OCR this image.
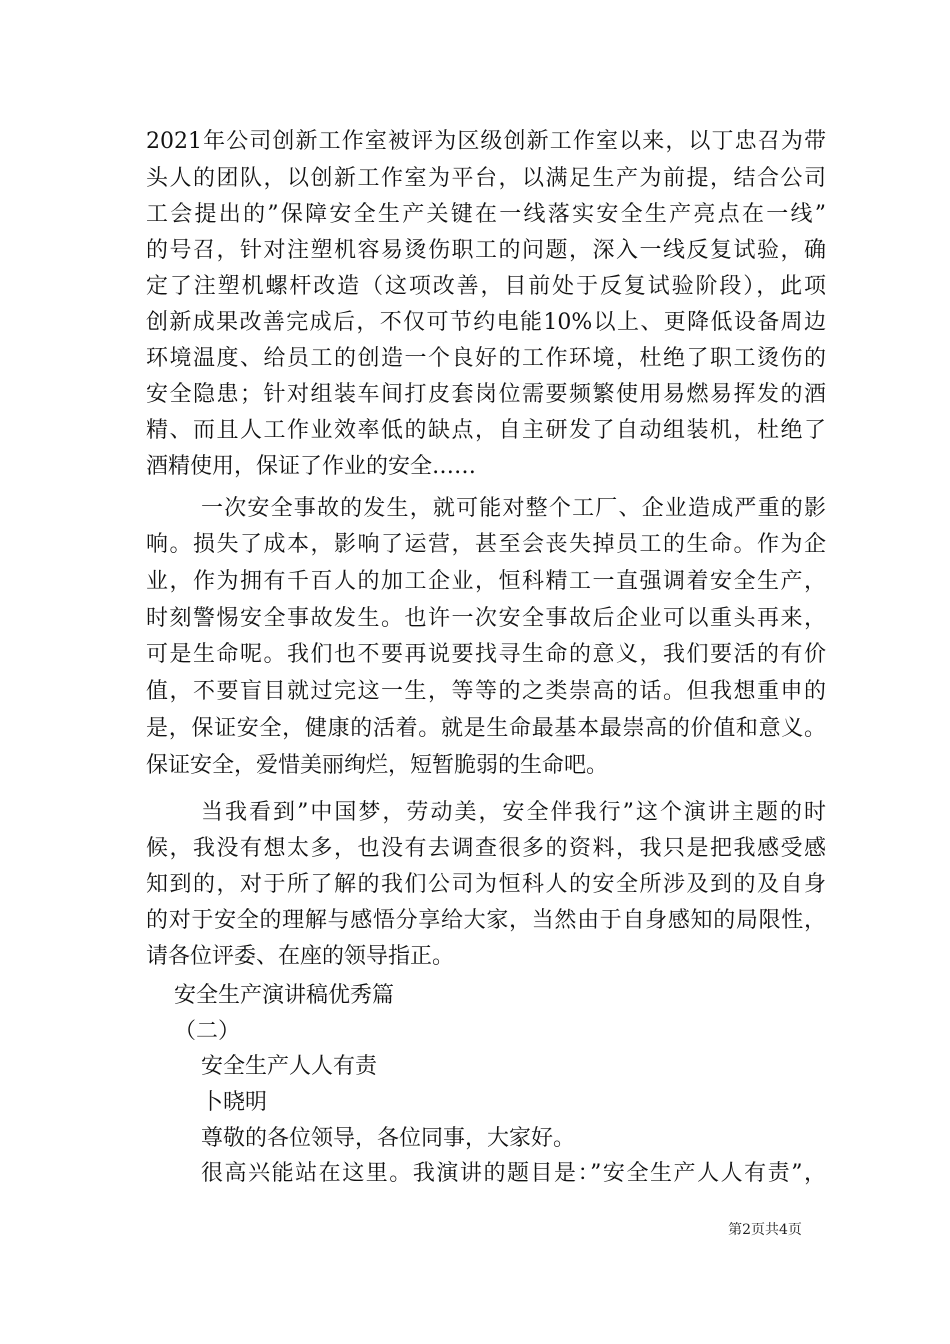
2021年公司创新工作室被评为区级创新工作室以来，以丁忠召为带
头人的团队，以创新工作室为平台，以满足生产为前提，结合公司
工会提出的”保障安全生产关键在一线落实安全生产亮点在一线”
的号召，针对注塑机容易烫伤职工的问题，深入一线反复试验，确
定了注塑机螺杆改造（这项改善，目前处于反复试验阶段），此项
创新成果改善完成后，不仅可节约电能10%以上、更降低设备周边
环境温度、给员工的创造一个良好的工作环境，杜绝了职工烫伤的
安全隐患；针对组装车间打皮套岗位需要频繁使用易燃易挥发的酒
精、而且人工作业效率低的缺点，自主研发了自动组装机，杜绝了
酒精使用，保证了作业的安全……
一次安全事故的发生，就可能对整个工厂、企业造成严重的影
响。损失了成本，影响了运营，甚至会丧失掉员工的生命。作为企
业，作为拥有千百人的加工企业，恒科精工一直强调着安全生产，
时刻警惕安全事故发生。也许一次安全事故后企业可以重头再来，
可是生命呢。我们也不要再说要找寻生命的意义，我们要活的有价
值，不要盲目就过完这一生，等等的之类崇高的话。但我想重申的
是，保证安全，健康的活着。就是生命最基本最崇高的价值和意义。
保证安全，爱惜美丽绚烂，短暂脆弱的生命吧。
当我看到”中国梦，劳动美，安全伴我行”这个演讲主题的时
候，我没有想太多，也没有去调查很多的资料，我只是把我感受感
知到的，对于所了解的我们公司为恒科人的安全所涉及到的及自身
的对于安全的理解与感悟分享给大家，当然由于自身感知的局限性，
请各位评委、在座的领导指正。
安全生产演讲稿优秀篇
（二）
安全生产人人有责
卜晓明
尊敬的各位领导，各位同事，大家好。
很高兴能站在这里。我演讲的题目是：”安全生产人人有责”，
第2页共4页
